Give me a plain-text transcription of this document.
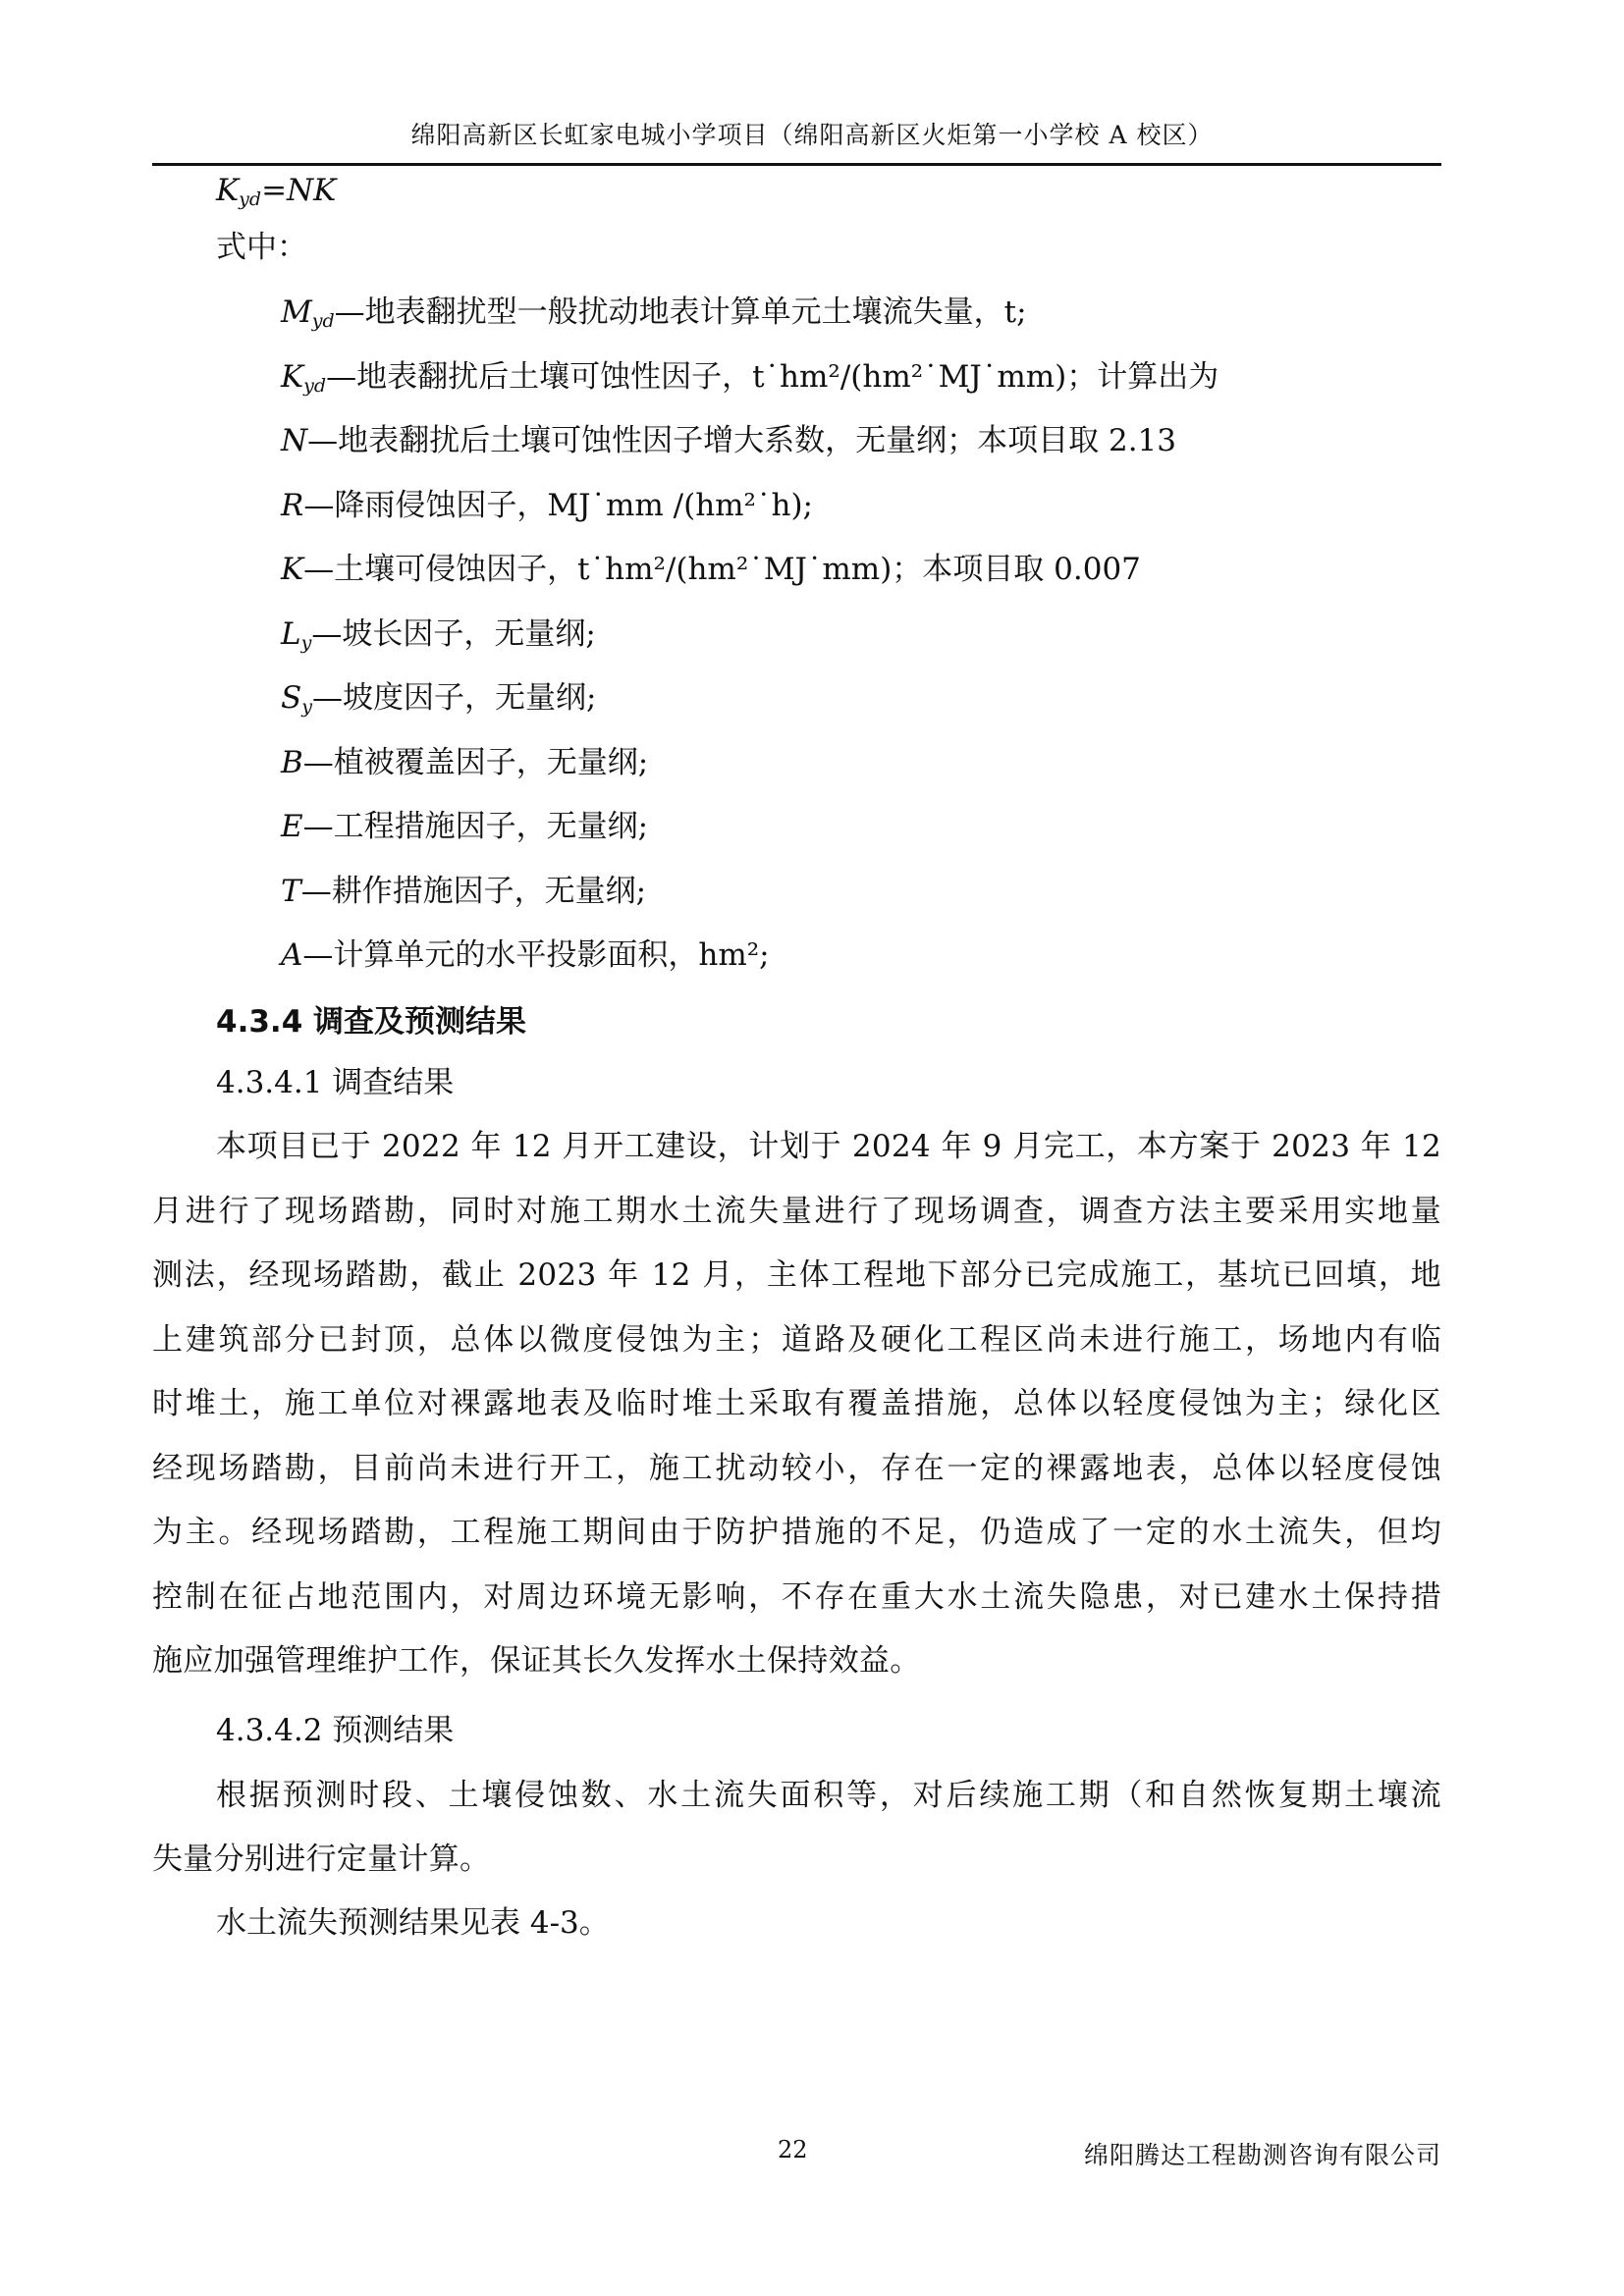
绵阳高新区长虹家电城小学项目（绵阳高新区火炬第一小学校 A 校区）
$K_{yd}=NK$
式中：
$M_{yd}—$地表翻扰型一般扰动地表计算单元土壤流失量，t;
$K_{yd}—$地表翻扰后土壤可蚀性因子，t˙hm²/(hm²˙MJ˙mm)；计算出为
N—地表翻扰后土壤可蚀性因子增大系数，无量纲；本项目取 2.13
R—降雨侵蚀因子，MJ˙mm /(hm²˙h);
K—土壤可侵蚀因子，t˙hm²/(hm²˙MJ˙mm)；本项目取 0.007
$L_y—$坡长因子，无量纲;
$S_y—$坡度因子，无量纲;
B—植被覆盖因子，无量纲;
E—工程措施因子，无量纲;
T—耕作措施因子，无量纲;
A—计算单元的水平投影面积，hm²;
4.3.4 调查及预测结果
4.3.4.1 调查结果
本项目已于 2022 年 12 月开工建设，计划于 2024 年 9 月完工，本方案于 2023 年 12
月进行了现场踏勘，同时对施工期水土流失量进行了现场调查，调查方法主要采用实地量
测法，经现场踏勘，截止 2023 年 12 月，主体工程地下部分已完成施工，基坑已回填，地
上建筑部分已封顶，总体以微度侵蚀为主；道路及硬化工程区尚未进行施工，场地内有临
时堆土，施工单位对裸露地表及临时堆土采取有覆盖措施，总体以轻度侵蚀为主；绿化区
经现场踏勘，目前尚未进行开工，施工扰动较小，存在一定的裸露地表，总体以轻度侵蚀
为主。经现场踏勘，工程施工期间由于防护措施的不足，仍造成了一定的水土流失，但均
控制在征占地范围内，对周边环境无影响，不存在重大水土流失隐患，对已建水土保持措
施应加强管理维护工作，保证其长久发挥水土保持效益。
4.3.4.2 预测结果
根据预测时段、土壤侵蚀数、水土流失面积等，对后续施工期（和自然恢复期土壤流
失量分别进行定量计算。
水土流失预测结果见表 4-3。
22	绵阳腾达工程勘测咨询有限公司
